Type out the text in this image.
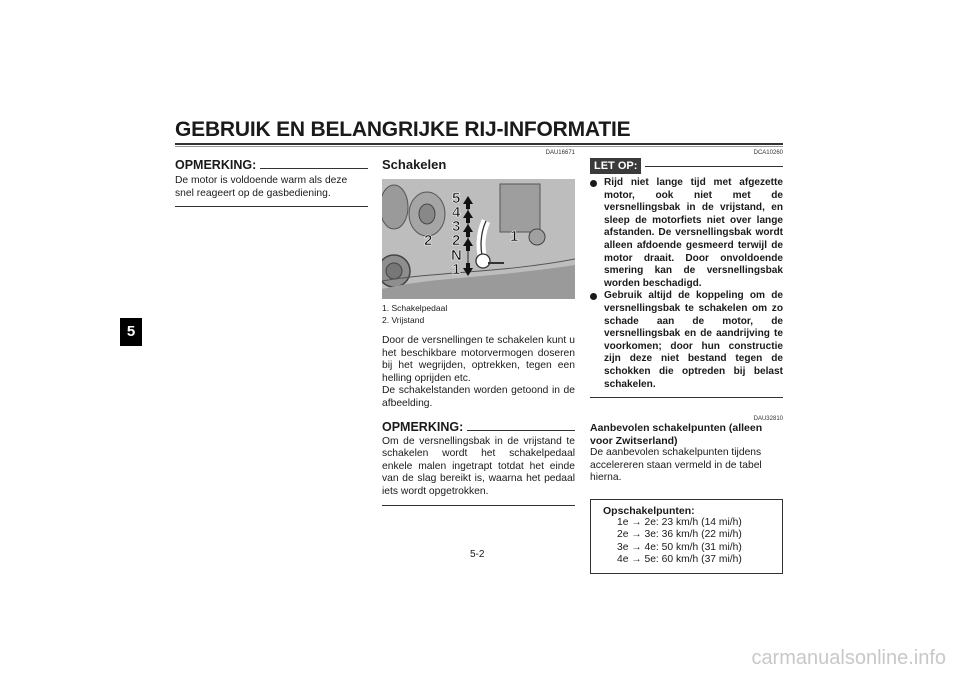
GEBRUIK EN BELANGRIJKE RIJ-INFORMATIE
5
OPMERKING:
De motor is voldoende warm als deze snel reageert op de gasbediening.
DAU16671
Schakelen
5
4
3
2
N
1
2	1
1. Schakelpedaal
2. Vrijstand
Door de versnellingen te schakelen kunt u het beschikbare motorvermogen doseren bij het wegrijden, optrekken, tegen een helling oprijden etc.
De schakelstanden worden getoond in de afbeelding.
OPMERKING:
Om de versnellingsbak in de vrijstand te schakelen wordt het schakelpedaal enkele malen ingetrapt totdat het einde van de slag bereikt is, waarna het pedaal iets wordt opgetrokken.
DCA10260
LET OP:
Rijd niet lange tijd met afgezette motor, ook niet met de versnellingsbak in de vrijstand, en sleep de motorfiets niet over lange afstanden. De versnellingsbak wordt alleen afdoende gesmeerd terwijl de motor draait. Door onvoldoende smering kan de versnellingsbak worden beschadigd.
Gebruik altijd de koppeling om de versnellingsbak te schakelen om zo schade aan de motor, de versnellingsbak en de aandrijving te voorkomen; door hun constructie zijn deze niet bestand tegen de schokken die optreden bij belast schakelen.
DAU32810
Aanbevolen schakelpunten (alleen voor Zwitserland)
De aanbevolen schakelpunten tijdens accelereren staan vermeld in de tabel hierna.
Opschakelpunten:
1e → 2e: 23 km/h (14 mi/h)
2e → 3e: 36 km/h (22 mi/h)
3e → 4e: 50 km/h (31 mi/h)
4e → 5e: 60 km/h (37 mi/h)
5-2
carmanualsonline.info
